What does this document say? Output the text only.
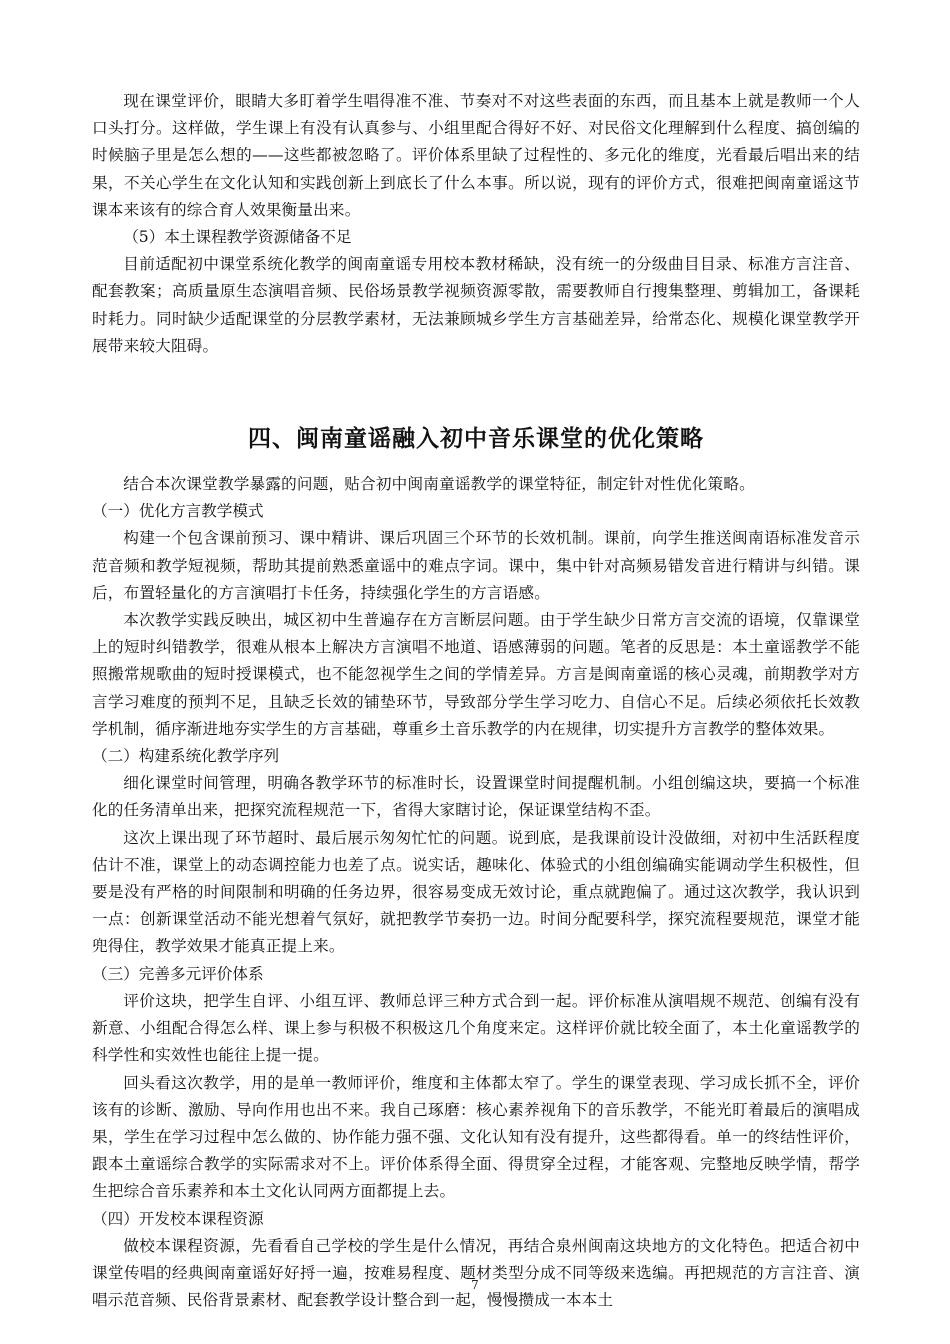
现在课堂评价，眼睛大多盯着学生唱得准不准、节奏对不对这些表面的东西，而且基本上就是教师一个人口头打分。这样做，学生课上有没有认真参与、小组里配合得好不好、对民俗文化理解到什么程度、搞创编的时候脑子里是怎么想的——这些都被忽略了。评价体系里缺了过程性的、多元化的维度，光看最后唱出来的结果，不关心学生在文化认知和实践创新上到底长了什么本事。所以说，现有的评价方式，很难把闽南童谣这节课本来该有的综合育人效果衡量出来。

（5）本土课程教学资源储备不足

目前适配初中课堂系统化教学的闽南童谣专用校本教材稀缺，没有统一的分级曲目目录、标准方言注音、配套教案；高质量原生态演唱音频、民俗场景教学视频资源零散，需要教师自行搜集整理、剪辑加工，备课耗时耗力。同时缺少适配课堂的分层教学素材，无法兼顾城乡学生方言基础差异，给常态化、规模化课堂教学开展带来较大阻碍。

四、闽南童谣融入初中音乐课堂的优化策略

结合本次课堂教学暴露的问题，贴合初中闽南童谣教学的课堂特征，制定针对性优化策略。

（一）优化方言教学模式

构建一个包含课前预习、课中精讲、课后巩固三个环节的长效机制。课前，向学生推送闽南语标准发音示范音频和教学短视频，帮助其提前熟悉童谣中的难点字词。课中，集中针对高频易错发音进行精讲与纠错。课后，布置轻量化的方言演唱打卡任务，持续强化学生的方言语感。

本次教学实践反映出，城区初中生普遍存在方言断层问题。由于学生缺少日常方言交流的语境，仅靠课堂上的短时纠错教学，很难从根本上解决方言演唱不地道、语感薄弱的问题。笔者的反思是：本土童谣教学不能照搬常规歌曲的短时授课模式，也不能忽视学生之间的学情差异。方言是闽南童谣的核心灵魂，前期教学对方言学习难度的预判不足，且缺乏长效的铺垫环节，导致部分学生学习吃力、自信心不足。后续必须依托长效教学机制，循序渐进地夯实学生的方言基础，尊重乡土音乐教学的内在规律，切实提升方言教学的整体效果。

（二）构建系统化教学序列

细化课堂时间管理，明确各教学环节的标准时长，设置课堂时间提醒机制。小组创编这块，要搞一个标准化的任务清单出来，把探究流程规范一下，省得大家瞎讨论，保证课堂结构不歪。

这次上课出现了环节超时、最后展示匆匆忙忙的问题。说到底，是我课前设计没做细，对初中生活跃程度估计不准，课堂上的动态调控能力也差了点。说实话，趣味化、体验式的小组创编确实能调动学生积极性，但要是没有严格的时间限制和明确的任务边界，很容易变成无效讨论，重点就跑偏了。通过这次教学，我认识到一点：创新课堂活动不能光想着气氛好，就把教学节奏扔一边。时间分配要科学，探究流程要规范，课堂才能兜得住，教学效果才能真正提上来。

（三）完善多元评价体系

评价这块，把学生自评、小组互评、教师总评三种方式合到一起。评价标准从演唱规不规范、创编有没有新意、小组配合得怎么样、课上参与积极不积极这几个角度来定。这样评价就比较全面了，本土化童谣教学的科学性和实效性也能往上提一提。

回头看这次教学，用的是单一教师评价，维度和主体都太窄了。学生的课堂表现、学习成长抓不全，评价该有的诊断、激励、导向作用也出不来。我自己琢磨：核心素养视角下的音乐教学，不能光盯着最后的演唱成果，学生在学习过程中怎么做的、协作能力强不强、文化认知有没有提升，这些都得看。单一的终结性评价，跟本土童谣综合教学的实际需求对不上。评价体系得全面、得贯穿全过程，才能客观、完整地反映学情，帮学生把综合音乐素养和本土文化认同两方面都提上去。

（四）开发校本课程资源

做校本课程资源，先看看自己学校的学生是什么情况，再结合泉州闽南这块地方的文化特色。把适合初中课堂传唱的经典闽南童谣好好捋一遍，按难易程度、题材类型分成不同等级来选编。再把规范的方言注音、演唱示范音频、民俗背景素材、配套教学设计整合到一起，慢慢攒成一本本土

7
